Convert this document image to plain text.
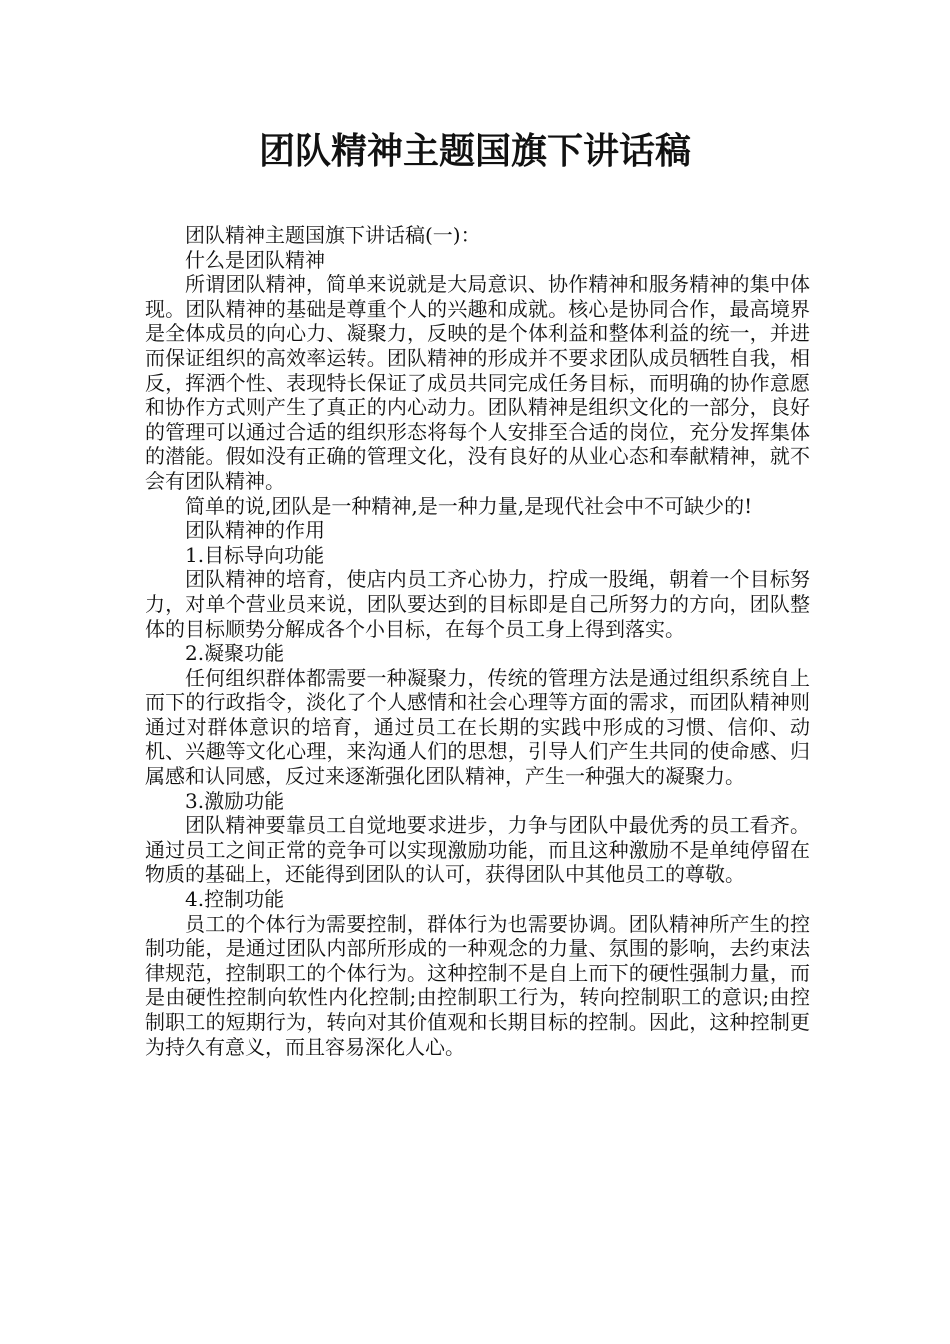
团队精神主题国旗下讲话稿

团队精神主题国旗下讲话稿(一)：

什么是团队精神

所谓团队精神，简单来说就是大局意识、协作精神和服务精神的集中体现。团队精神的基础是尊重个人的兴趣和成就。核心是协同合作，最高境界是全体成员的向心力、凝聚力，反映的是个体利益和整体利益的统一，并进而保证组织的高效率运转。团队精神的形成并不要求团队成员牺牲自我，相反，挥洒个性、表现特长保证了成员共同完成任务目标，而明确的协作意愿和协作方式则产生了真正的内心动力。团队精神是组织文化的一部分，良好的管理可以通过合适的组织形态将每个人安排至合适的岗位，充分发挥集体的潜能。假如没有正确的管理文化，没有良好的从业心态和奉献精神，就不会有团队精神。

简单的说,团队是一种精神,是一种力量,是现代社会中不可缺少的!

团队精神的作用

1.目标导向功能

团队精神的培育，使店内员工齐心协力，拧成一股绳，朝着一个目标努力，对单个营业员来说，团队要达到的目标即是自己所努力的方向，团队整体的目标顺势分解成各个小目标，在每个员工身上得到落实。

2.凝聚功能

任何组织群体都需要一种凝聚力，传统的管理方法是通过组织系统自上而下的行政指令，淡化了个人感情和社会心理等方面的需求，而团队精神则通过对群体意识的培育，通过员工在长期的实践中形成的习惯、信仰、动机、兴趣等文化心理，来沟通人们的思想，引导人们产生共同的使命感、归属感和认同感，反过来逐渐强化团队精神，产生一种强大的凝聚力。

3.激励功能

团队精神要靠员工自觉地要求进步，力争与团队中最优秀的员工看齐。通过员工之间正常的竞争可以实现激励功能，而且这种激励不是单纯停留在物质的基础上，还能得到团队的认可，获得团队中其他员工的尊敬。

4.控制功能

员工的个体行为需要控制，群体行为也需要协调。团队精神所产生的控制功能，是通过团队内部所形成的一种观念的力量、氛围的影响，去约束法律规范，控制职工的个体行为。这种控制不是自上而下的硬性强制力量，而是由硬性控制向软性内化控制;由控制职工行为，转向控制职工的意识;由控制职工的短期行为，转向对其价值观和长期目标的控制。因此，这种控制更为持久有意义，而且容易深化人心。
